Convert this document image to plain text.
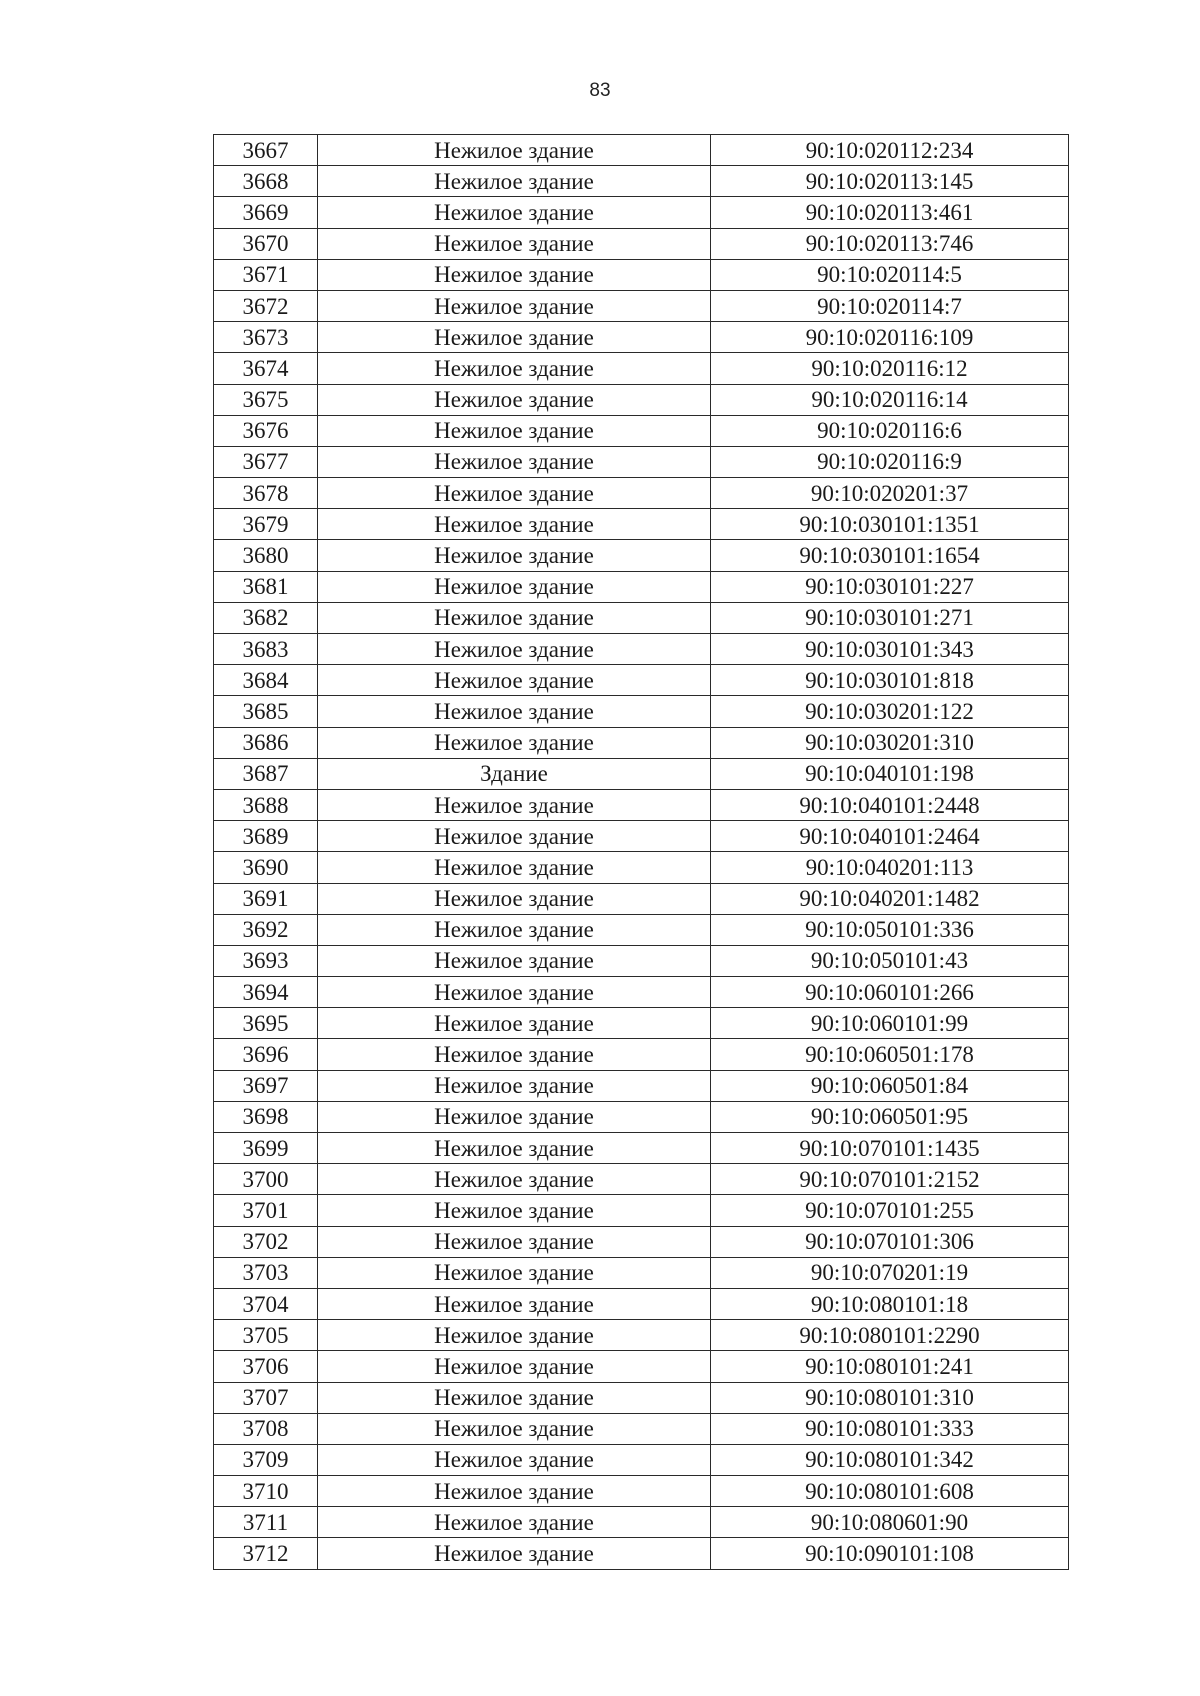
83
3667	Нежилое здание	90:10:020112:234
3668	Нежилое здание	90:10:020113:145
3669	Нежилое здание	90:10:020113:461
3670	Нежилое здание	90:10:020113:746
3671	Нежилое здание	90:10:020114:5
3672	Нежилое здание	90:10:020114:7
3673	Нежилое здание	90:10:020116:109
3674	Нежилое здание	90:10:020116:12
3675	Нежилое здание	90:10:020116:14
3676	Нежилое здание	90:10:020116:6
3677	Нежилое здание	90:10:020116:9
3678	Нежилое здание	90:10:020201:37
3679	Нежилое здание	90:10:030101:1351
3680	Нежилое здание	90:10:030101:1654
3681	Нежилое здание	90:10:030101:227
3682	Нежилое здание	90:10:030101:271
3683	Нежилое здание	90:10:030101:343
3684	Нежилое здание	90:10:030101:818
3685	Нежилое здание	90:10:030201:122
3686	Нежилое здание	90:10:030201:310
3687	Здание	90:10:040101:198
3688	Нежилое здание	90:10:040101:2448
3689	Нежилое здание	90:10:040101:2464
3690	Нежилое здание	90:10:040201:113
3691	Нежилое здание	90:10:040201:1482
3692	Нежилое здание	90:10:050101:336
3693	Нежилое здание	90:10:050101:43
3694	Нежилое здание	90:10:060101:266
3695	Нежилое здание	90:10:060101:99
3696	Нежилое здание	90:10:060501:178
3697	Нежилое здание	90:10:060501:84
3698	Нежилое здание	90:10:060501:95
3699	Нежилое здание	90:10:070101:1435
3700	Нежилое здание	90:10:070101:2152
3701	Нежилое здание	90:10:070101:255
3702	Нежилое здание	90:10:070101:306
3703	Нежилое здание	90:10:070201:19
3704	Нежилое здание	90:10:080101:18
3705	Нежилое здание	90:10:080101:2290
3706	Нежилое здание	90:10:080101:241
3707	Нежилое здание	90:10:080101:310
3708	Нежилое здание	90:10:080101:333
3709	Нежилое здание	90:10:080101:342
3710	Нежилое здание	90:10:080101:608
3711	Нежилое здание	90:10:080601:90
3712	Нежилое здание	90:10:090101:108
